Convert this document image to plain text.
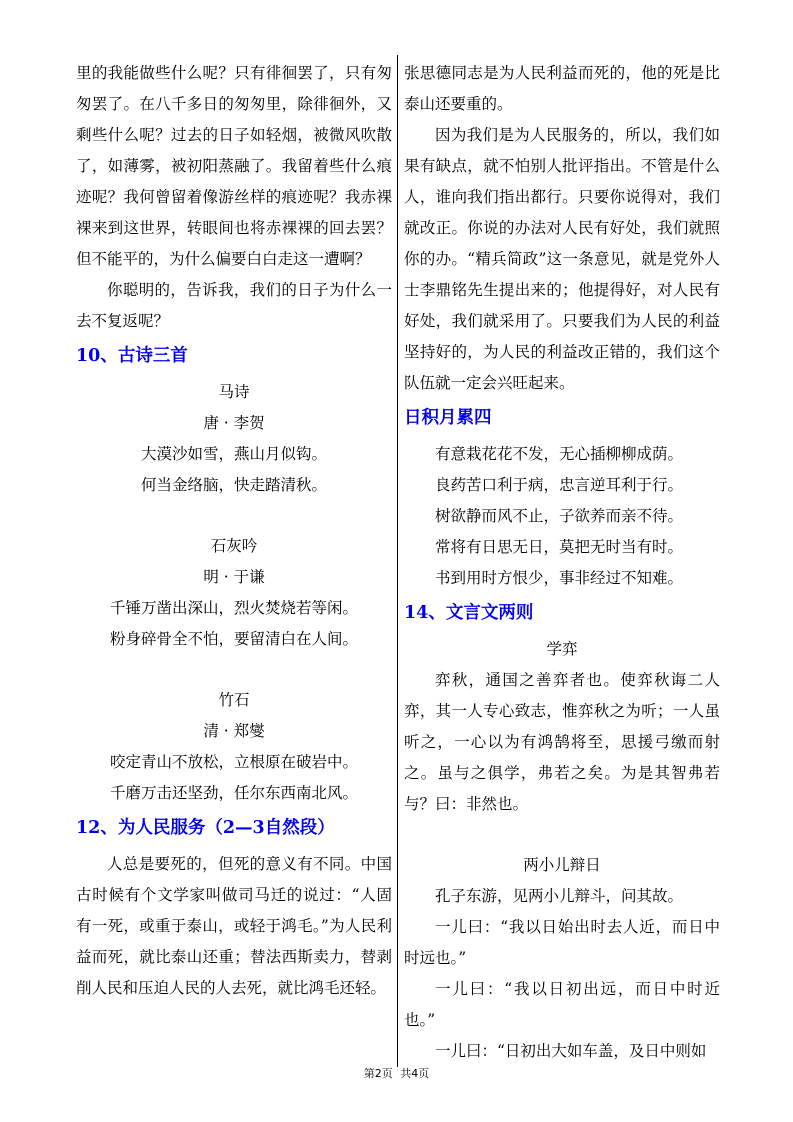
里的我能做些什么呢？只有徘徊罢了，只有匆匆罢了。在八千多日的匆匆里，除徘徊外，又剩些什么呢？过去的日子如轻烟，被微风吹散了，如薄雾，被初阳蒸融了。我留着些什么痕迹呢？我何曾留着像游丝样的痕迹呢？我赤裸裸来到这世界，转眼间也将赤裸裸的回去罢？但不能平的，为什么偏要白白走这一遭啊？

你聪明的，告诉我，我们的日子为什么一去不复返呢？

10、古诗三首

马诗

唐 · 李贺

大漠沙如雪，燕山月似钩。

何当金络脑，快走踏清秋。

石灰吟

明 · 于谦

千锤万凿出深山，烈火焚烧若等闲。

粉身碎骨全不怕，要留清白在人间。

竹石

清 · 郑燮

咬定青山不放松，立根原在破岩中。

千磨万击还坚劲，任尔东西南北风。

12、为人民服务（2—3自然段）

人总是要死的，但死的意义有不同。中国古时候有个文学家叫做司马迁的说过：“人固有一死，或重于泰山，或轻于鸿毛。”为人民利益而死，就比泰山还重；替法西斯卖力，替剥削人民和压迫人民的人去死，就比鸿毛还轻。

张思德同志是为人民利益而死的，他的死是比泰山还要重的。

因为我们是为人民服务的，所以，我们如果有缺点，就不怕别人批评指出。不管是什么人，谁向我们指出都行。只要你说得对，我们就改正。你说的办法对人民有好处，我们就照你的办。“精兵简政”这一条意见，就是党外人士李鼎铭先生提出来的；他提得好，对人民有好处，我们就采用了。只要我们为人民的利益坚持好的，为人民的利益改正错的，我们这个队伍就一定会兴旺起来。

日积月累四

有意栽花花不发，无心插柳柳成荫。

良药苦口利于病，忠言逆耳利于行。

树欲静而风不止，子欲养而亲不待。

常将有日思无日，莫把无时当有时。

书到用时方恨少，事非经过不知难。

14、文言文两则

学弈

弈秋，通国之善弈者也。使弈秋诲二人弈，其一人专心致志，惟弈秋之为听；一人虽听之，一心以为有鸿鹄将至，思援弓缴而射之。虽与之俱学，弗若之矣。为是其智弗若与？曰：非然也。

两小儿辩日

孔子东游，见两小儿辩斗，问其故。

一儿曰：“我以日始出时去人近，而日中时远也。”

一儿曰：“我以日初出远，而日中时近也。”

一儿曰：“日初出大如车盖，及日中则如

第2页 共4页
